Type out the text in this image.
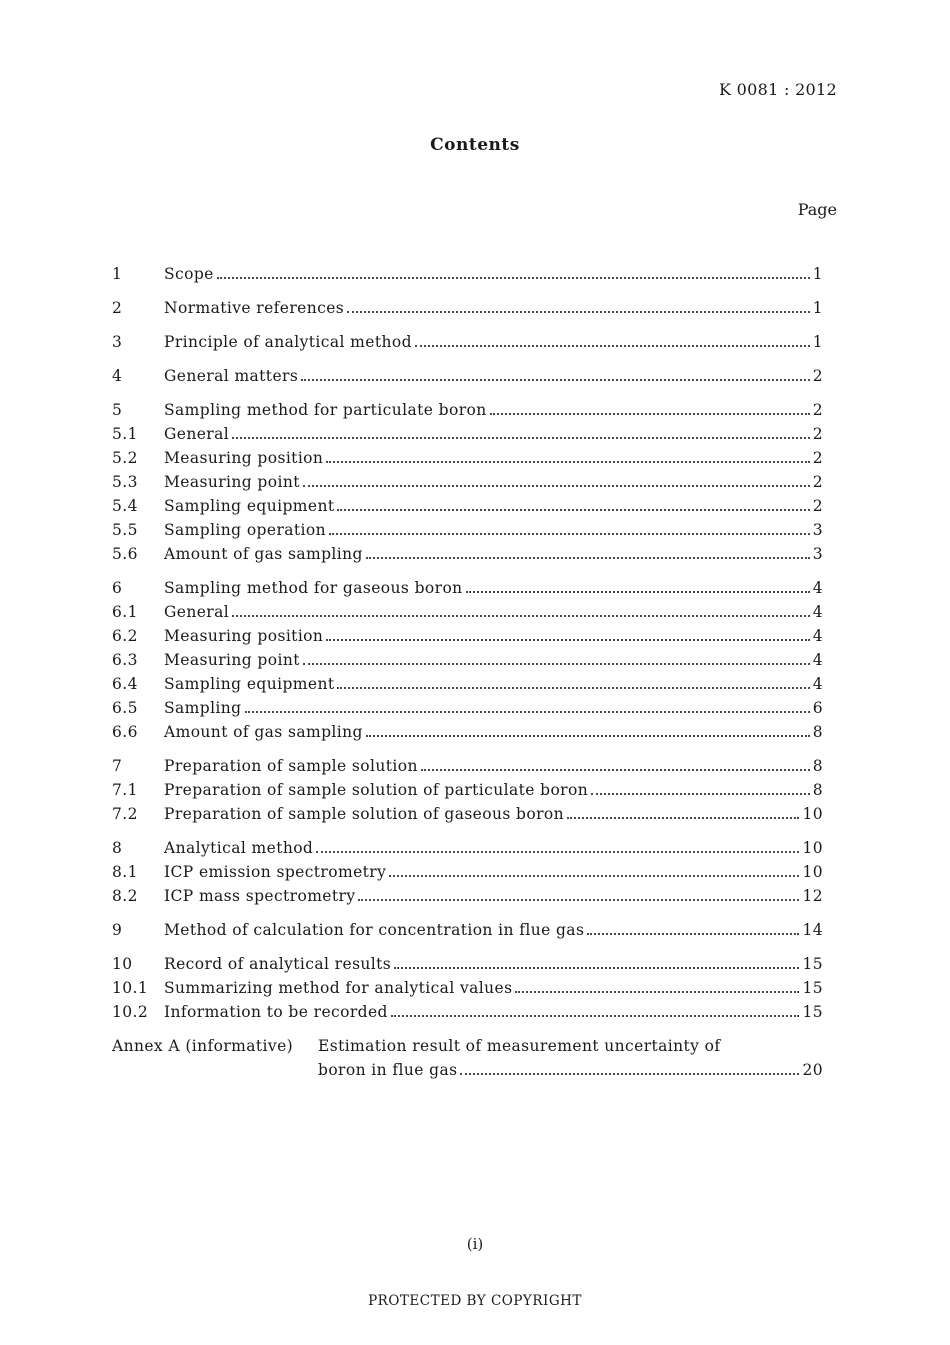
K 0081 : 2012
Contents
Page
1	Scope	1
2	Normative references	1
3	Principle of analytical method	1
4	General matters	2
5	Sampling method for particulate boron	2
5.1	General	2
5.2	Measuring position	2
5.3	Measuring point	2
5.4	Sampling equipment	2
5.5	Sampling operation	3
5.6	Amount of gas sampling	3
6	Sampling method for gaseous boron	4
6.1	General	4
6.2	Measuring position	4
6.3	Measuring point	4
6.4	Sampling equipment	4
6.5	Sampling	6
6.6	Amount of gas sampling	8
7	Preparation of sample solution	8
7.1	Preparation of sample solution of particulate boron	8
7.2	Preparation of sample solution of gaseous boron	10
8	Analytical method	10
8.1	ICP emission spectrometry	10
8.2	ICP mass spectrometry	12
9	Method of calculation for concentration in flue gas	14
10	Record of analytical results	15
10.1	Summarizing method for analytical values	15
10.2	Information to be recorded	15
Annex A (informative)	Estimation result of measurement uncertainty of
boron in flue gas	20
(i)
PROTECTED BY COPYRIGHT
